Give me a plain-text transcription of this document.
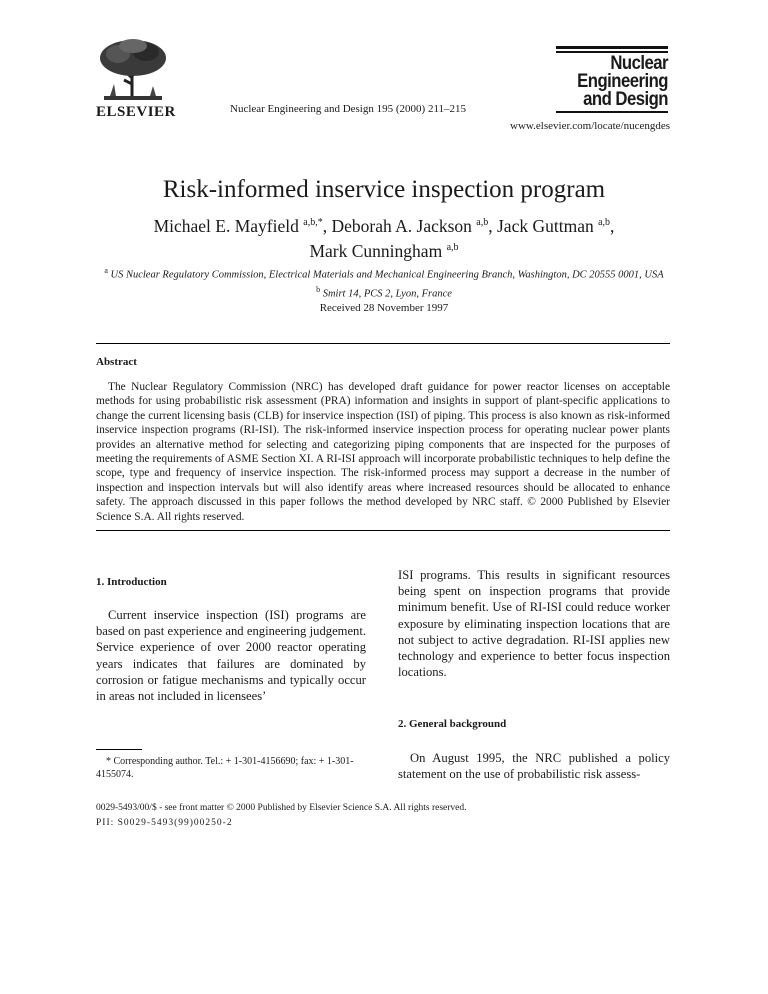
ELSEVIER	Nuclear Engineering and Design 195 (2000) 211–215
Nuclear
Engineering
and Design
www.elsevier.com/locate/nucengdes
Risk-informed inservice inspection program
Michael E. Mayfield $^{a,b,*}$, Deborah A. Jackson $^{a,b}$, Jack Guttman $^{a,b}$,
Mark Cunningham $^{a,b}$
$^a$ US Nuclear Regulatory Commission, Electrical Materials and Mechanical Engineering Branch, Washington, DC 20555 0001, USA
$^b$ Smirt 14, PCS 2, Lyon, France
Received 28 November 1997
Abstract
The Nuclear Regulatory Commission (NRC) has developed draft guidance for power reactor licenses on acceptable methods for using probabilistic risk assessment (PRA) information and insights in support of plant-specific applications to change the current licensing basis (CLB) for inservice inspection (ISI) of piping. This process is also known as risk-informed inservice inspection programs (RI-ISI). The risk-informed inservice inspection process for operating nuclear power plants provides an alternative method for selecting and categorizing piping components that are inspected for the purposes of meeting the requirements of ASME Section XI. A RI-ISI approach will incorporate probabilistic techniques to help define the scope, type and frequency of inservice inspection. The risk-informed process may support a decrease in the number of inspection and inspection intervals but will also identify areas where increased resources should be allocated to enhance safety. The approach discussed in this paper follows the method developed by NRC staff. © 2000 Published by Elsevier Science S.A. All rights reserved.
1. Introduction
Current inservice inspection (ISI) programs are based on past experience and engineering judgement. Service experience of over 2000 reactor operating years indicates that failures are dominated by corrosion or fatigue mechanisms and typically occur in areas not included in licensees’
* Corresponding author. Tel.: + 1-301-4156690; fax: + 1-301-4155074.
ISI programs. This results in significant resources being spent on inspection programs that provide minimum benefit. Use of RI-ISI could reduce worker exposure by eliminating inspection locations that are not subject to active degradation. RI-ISI applies new technology and experience to better focus inspection locations.
2. General background
On August 1995, the NRC published a policy statement on the use of probabilistic risk assess-
0029-5493/00/$ - see front matter © 2000 Published by Elsevier Science S.A. All rights reserved.
PII: S0029-5493(99)00250-2
